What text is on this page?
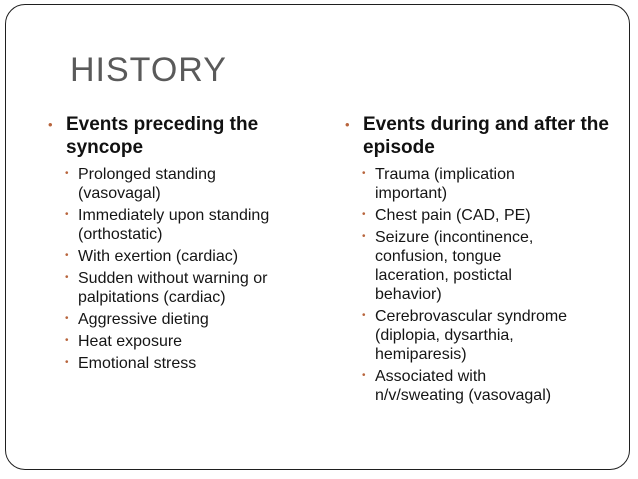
HISTORY
• Events preceding the syncope
• Prolonged standing
(vasovagal)
• Immediately upon standing
(orthostatic)
• With exertion (cardiac)
• Sudden without warning or
palpitations (cardiac)
• Aggressive dieting
• Heat exposure
• Emotional stress
• Events during and after the episode
• Trauma (implication
important)
• Chest pain (CAD, PE)
• Seizure (incontinence,
confusion, tongue
laceration, postictal
behavior)
• Cerebrovascular syndrome
(diplopia, dysarthia,
hemiparesis)
• Associated with
n/v/sweating (vasovagal)
